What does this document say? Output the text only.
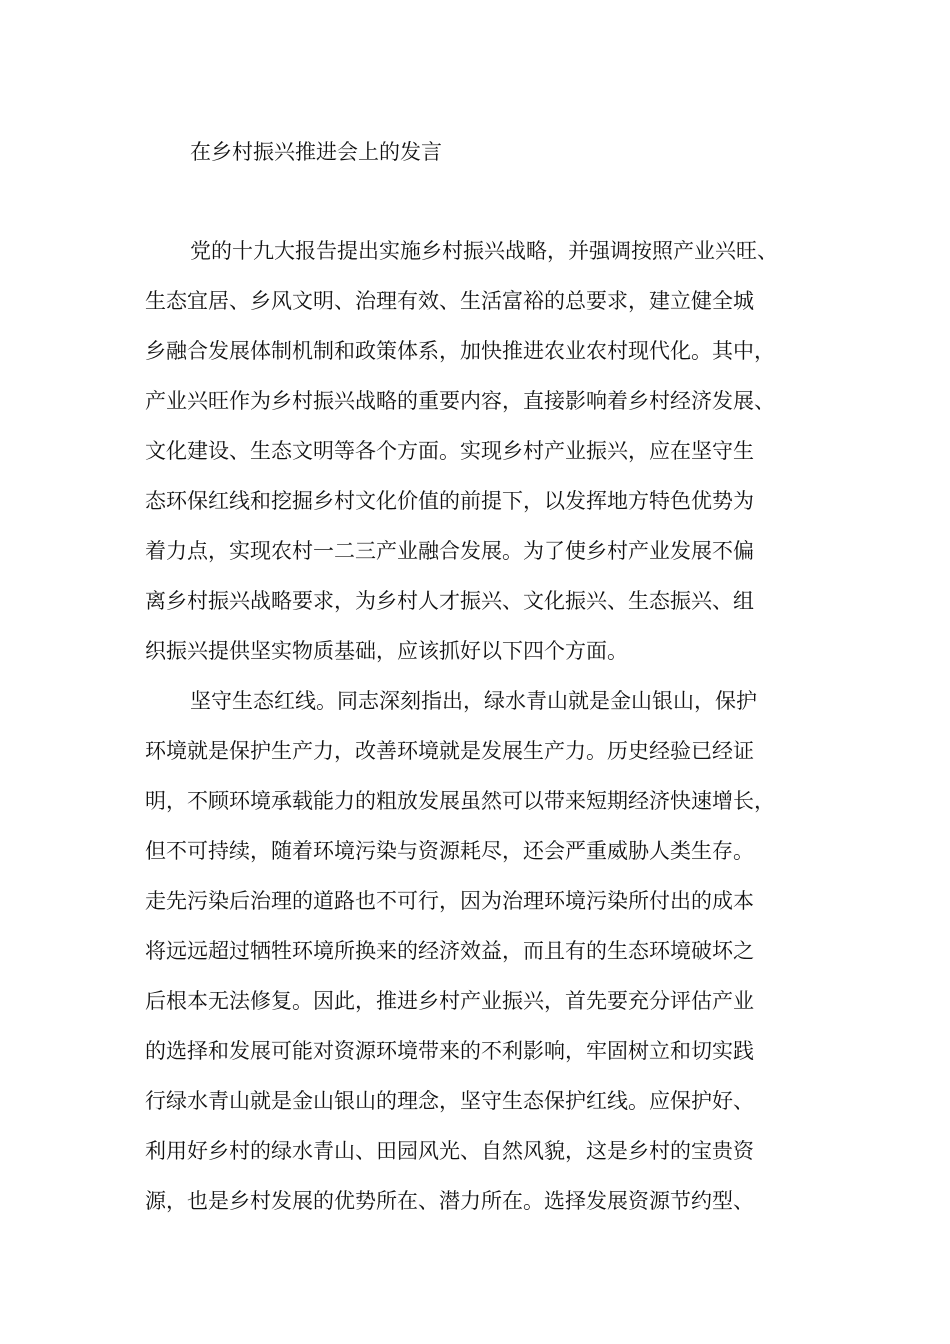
在乡村振兴推进会上的发言
党的十九大报告提出实施乡村振兴战略，并强调按照产业兴旺、
生态宜居、乡风文明、治理有效、生活富裕的总要求，建立健全城
乡融合发展体制机制和政策体系，加快推进农业农村现代化。其中，
产业兴旺作为乡村振兴战略的重要内容，直接影响着乡村经济发展、
文化建设、生态文明等各个方面。实现乡村产业振兴，应在坚守生
态环保红线和挖掘乡村文化价值的前提下，以发挥地方特色优势为
着力点，实现农村一二三产业融合发展。为了使乡村产业发展不偏
离乡村振兴战略要求，为乡村人才振兴、文化振兴、生态振兴、组
织振兴提供坚实物质基础，应该抓好以下四个方面。
坚守生态红线。同志深刻指出，绿水青山就是金山银山，保护
环境就是保护生产力，改善环境就是发展生产力。历史经验已经证
明，不顾环境承载能力的粗放发展虽然可以带来短期经济快速增长，
但不可持续，随着环境污染与资源耗尽，还会严重威胁人类生存。
走先污染后治理的道路也不可行，因为治理环境污染所付出的成本
将远远超过牺牲环境所换来的经济效益，而且有的生态环境破坏之
后根本无法修复。因此，推进乡村产业振兴，首先要充分评估产业
的选择和发展可能对资源环境带来的不利影响，牢固树立和切实践
行绿水青山就是金山银山的理念，坚守生态保护红线。应保护好、
利用好乡村的绿水青山、田园风光、自然风貌，这是乡村的宝贵资
源，也是乡村发展的优势所在、潜力所在。选择发展资源节约型、
